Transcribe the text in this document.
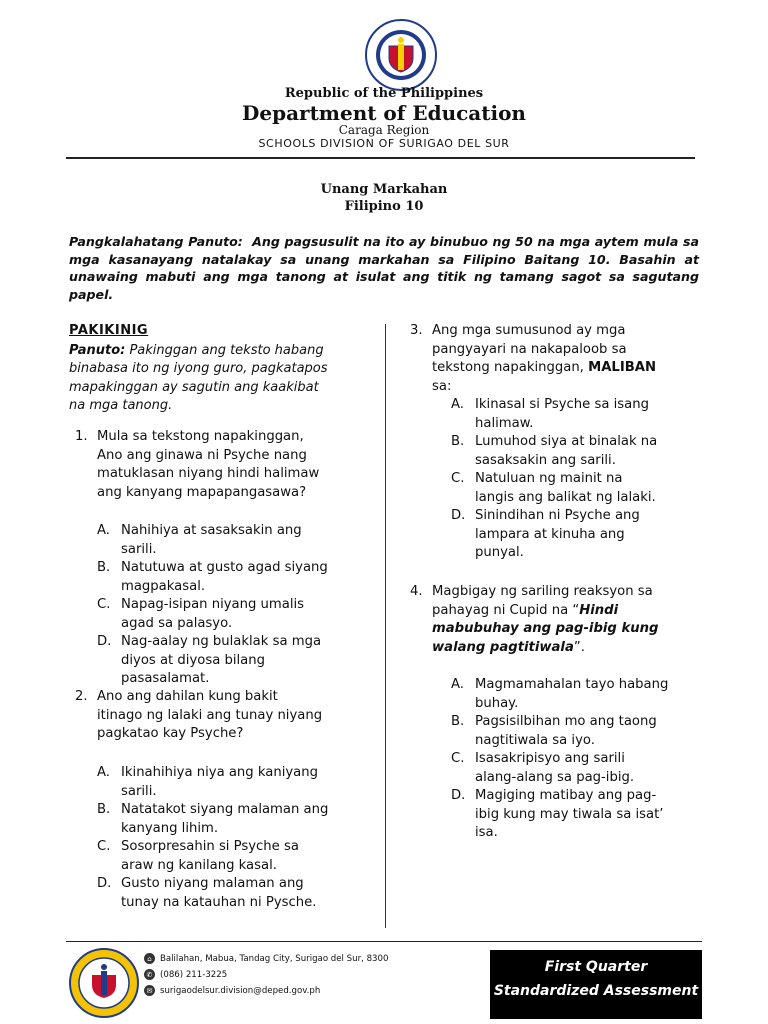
Republic of the Philippines
Department of Education
Caraga Region
SCHOOLS DIVISION OF SURIGAO DEL SUR
Unang Markahan
Filipino 10
Pangkalahatang Panuto: Ang pagsusulit na ito ay binubuo ng 50 na mga aytem mula sa mga kasanayang natalakay sa unang markahan sa Filipino Baitang 10. Basahin at unawaing mabuti ang mga tanong at isulat ang titik ng tamang sagot sa sagutang papel.
PAKIKINIG
Panuto: Pakinggan ang teksto habang
binabasa ito ng iyong guro, pagkatapos
mapakinggan ay sagutin ang kaakibat
na mga tanong.
1. Mula sa tekstong napakinggan,
Ano ang ginawa ni Psyche nang
matuklasan niyang hindi halimaw
ang kanyang mapapangasawa?
A. Nahihiya at sasaksakin ang
sarili.
B. Natutuwa at gusto agad siyang
magpakasal.
C. Napag-isipan niyang umalis
agad sa palasyo.
D. Nag-aalay ng bulaklak sa mga
diyos at diyosa bilang
pasasalamat.
2. Ano ang dahilan kung bakit
itinago ng lalaki ang tunay niyang
pagkatao kay Psyche?
A. Ikinahihiya niya ang kaniyang
sarili.
B. Natatakot siyang malaman ang
kanyang lihim.
C. Sosorpresahin si Psyche sa
araw ng kanilang kasal.
D. Gusto niyang malaman ang
tunay na katauhan ni Pysche.
3. Ang mga sumusunod ay mga
pangyayari na nakapaloob sa
tekstong napakinggan, MALIBAN
sa:
A. Ikinasal si Psyche sa isang
halimaw.
B. Lumuhod siya at binalak na
sasaksakin ang sarili.
C. Natuluan ng mainit na
langis ang balikat ng lalaki.
D. Sinindihan ni Psyche ang
lampara at kinuha ang
punyal.
4. Magbigay ng sariling reaksyon sa
pahayag ni Cupid na “Hindi
mabubuhay ang pag-ibig kung
walang pagtitiwala”.
A. Magmamahalan tayo habang
buhay.
B. Pagsisilbihan mo ang taong
nagtitiwala sa iyo.
C. Isasakripisyo ang sarili
alang-alang sa pag-ibig.
D. Magiging matibay ang pag-
ibig kung may tiwala sa isat’
isa.
⌂ Balilahan, Mabua, Tandag City, Surigao del Sur, 8300
✆ (086) 211-3225
✉ surigaodelsur.division@deped.gov.ph
First Quarter
Standardized Assessment
